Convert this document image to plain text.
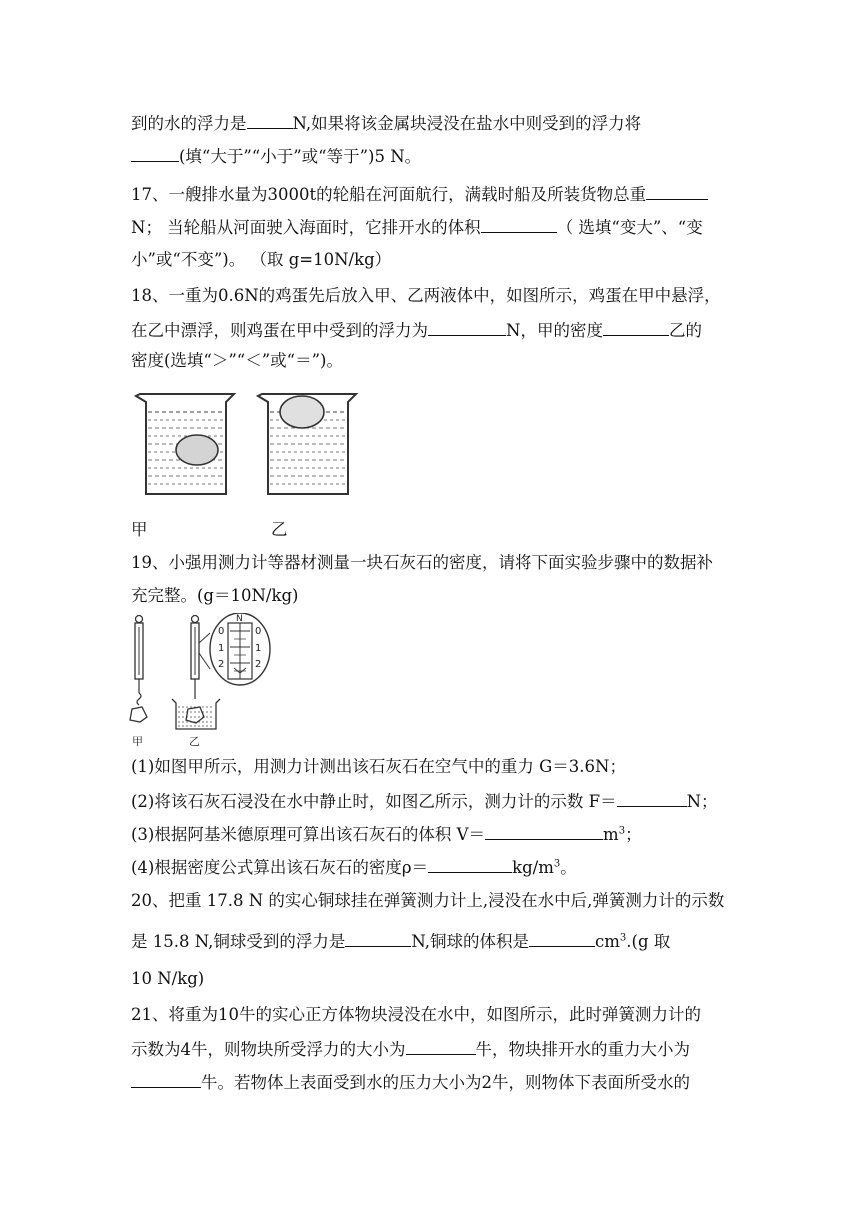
到的水的浮力是	N,如果将该金属块浸没在盐水中则受到的浮力将
(填“大于”“小于”或“等于”)5 N。
17、一艘排水量为3000t的轮船在河面航行，满载时船及所装货物总重
N； 当轮船从河面驶入海面时，它排开水的体积	（ 选填“变大”、“变
小”或“不变”)。 （取 g=10N/kg）
18、一重为0.6N的鸡蛋先后放入甲、乙两液体中，如图所示，鸡蛋在甲中悬浮，
在乙中漂浮，则鸡蛋在甲中受到的浮力为	N，甲的密度	乙的
密度(选填“＞”“＜”或“＝”)。
甲	乙
19、小强用测力计等器材测量一块石灰石的密度，请将下面实验步骤中的数据补
充完整。(g＝10N/kg)
0	0
1	1
2	2
N
甲	乙
(1)如图甲所示，用测力计测出该石灰石在空气中的重力 G＝3.6N；
(2)将该石灰石浸没在水中静止时，如图乙所示，测力计的示数 F＝	N；
(3)根据阿基米德原理可算出该石灰石的体积 V＝	$m^3$；
(4)根据密度公式算出该石灰石的密度ρ＝	$kg/m^3$。
20、把重 17.8 N 的实心铜球挂在弹簧测力计上,浸没在水中后,弹簧测力计的示数
是 15.8 N,铜球受到的浮力是	N,铜球的体积是	$cm^3.(g$ 取
10 N/kg)
21、将重为10牛的实心正方体物块浸没在水中，如图所示，此时弹簧测力计的
示数为4牛，则物块所受浮力的大小为	牛，物块排开水的重力大小为
牛。若物体上表面受到水的压力大小为2牛，则物体下表面所受水的
